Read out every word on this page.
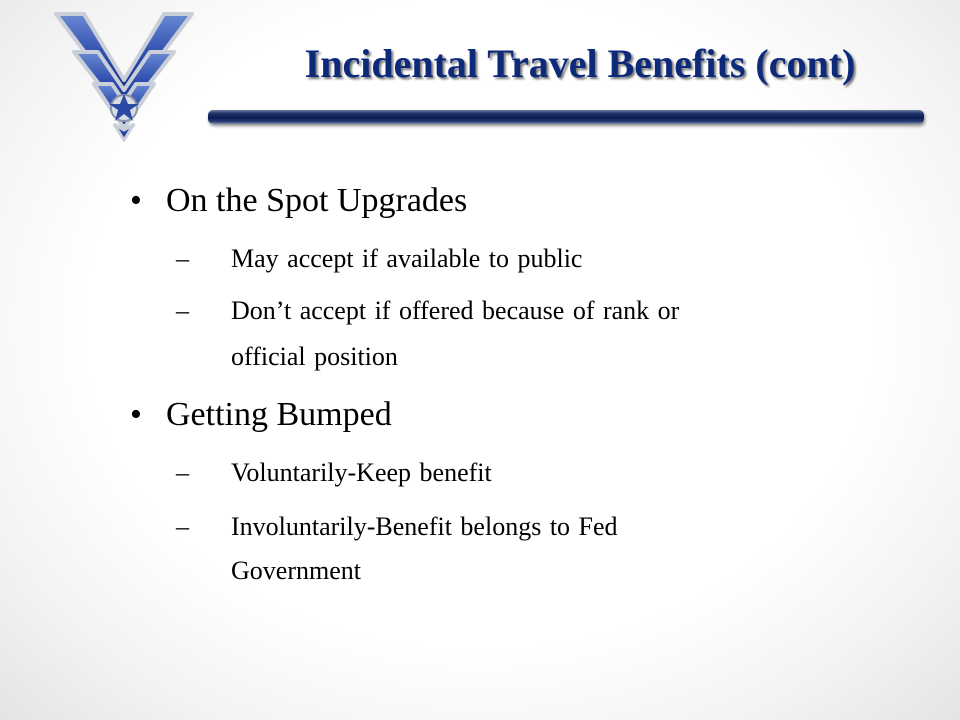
Incidental Travel Benefits (cont)
• On the Spot Upgrades
–	May accept if available to public
–	Don’t accept if offered because of rank or
official position
• Getting Bumped
–	Voluntarily-Keep benefit
–	Involuntarily-Benefit belongs to Fed
Government
